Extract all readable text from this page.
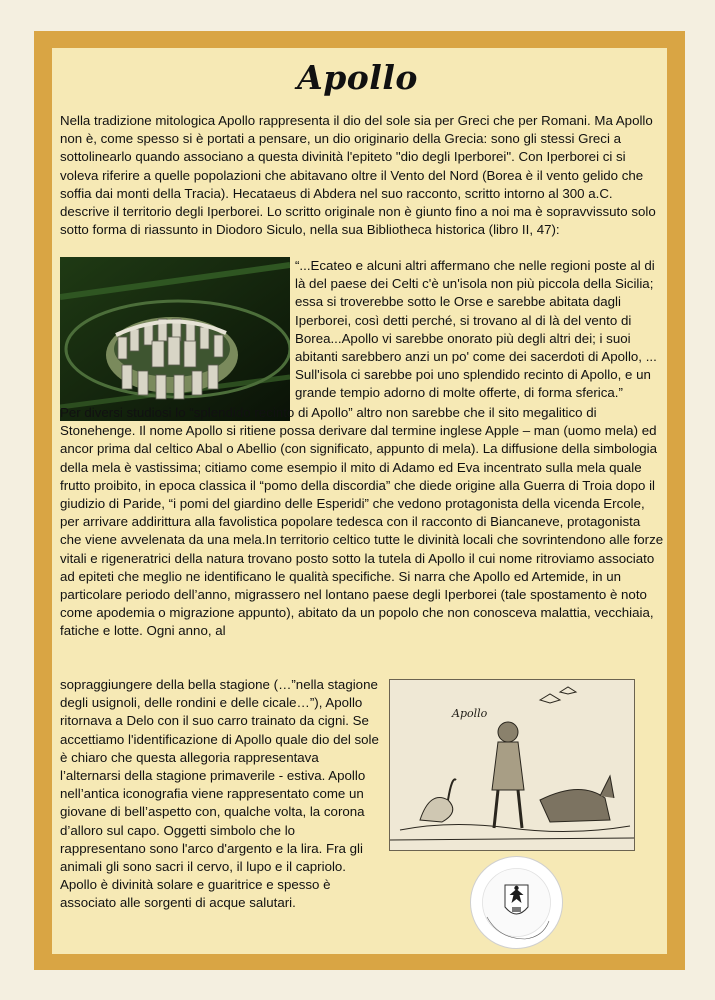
Apollo

Nella tradizione mitologica Apollo rappresenta il dio del sole sia per Greci che per Romani. Ma Apollo non è, come spesso si è portati a pensare, un dio originario della Grecia: sono gli stessi Greci a sottolinearlo quando associano a questa divinità l'epiteto "dio degli Iperborei". Con Iperborei ci si voleva riferire a quelle popolazioni che abitavano oltre il Vento del Nord (Borea è il vento gelido che soffia dai monti della Tracia). Hecataeus di Abdera nel suo racconto, scritto intorno al 300 a.C. descrive il territorio degli Iperborei. Lo scritto originale non è giunto fino a noi ma è sopravvissuto solo sotto forma di riassunto in Diodoro Siculo, nella sua Bibliotheca historica (libro II, 47):

“...Ecateo e alcuni altri affermano che nelle regioni poste al di là del paese dei Celti c'è un'isola non più piccola della Sicilia; essa si troverebbe sotto le Orse e sarebbe abitata dagli Iperborei, così detti perché, si trovano al di là del vento di Borea...Apollo vi sarebbe onorato più degli altri dei; i suoi abitanti sarebbero anzi un po' come dei sacerdoti di Apollo, ... Sull'isola ci sarebbe poi uno splendido recinto di Apollo, e un grande tempio adorno di molte offerte, di forma sferica.”

Per diversi studiosi lo “splendido recinto di Apollo” altro non sarebbe che il sito megalitico di Stonehenge. Il nome Apollo si ritiene possa derivare dal termine inglese Apple – man (uomo mela) ed ancor prima dal celtico Abal o Abellio (con significato, appunto di mela). La diffusione della simbologia della mela è vastissima; citiamo come esempio il mito di Adamo ed Eva incentrato sulla mela quale frutto proibito, in epoca classica il “pomo della discordia” che diede origine alla Guerra di Troia dopo il giudizio di Paride, “i pomi del giardino delle Esperidi” che vedono protagonista della vicenda Ercole, per arrivare addirittura alla favolistica popolare tedesca con il racconto di Biancaneve, protagonista che viene avvelenata da una mela.In territorio celtico tutte le divinità locali che sovrintendono alle forze vitali e rigeneratrici della natura trovano posto sotto la tutela di Apollo il cui nome ritroviamo associato ad epiteti che meglio ne identificano le qualità specifiche. Si narra che Apollo ed Artemide, in un particolare periodo dell’anno, migrassero nel lontano paese degli Iperborei (tale spostamento è noto come apodemia o migrazione appunto), abitato da un popolo che non conosceva malattia, vecchiaia, fatiche e lotte. Ogni anno, al

sopraggiungere della bella stagione (…”nella stagione degli usignoli, delle rondini e delle cicale…”), Apollo ritornava a Delo con il suo carro trainato da cigni. Se accettiamo l'identificazione di Apollo quale dio del sole è chiaro che questa allegoria rappresentava l’alternarsi della stagione primaverile - estiva. Apollo nell’antica iconografia viene rappresentato come un giovane di bell’aspetto con, qualche volta, la corona d’alloro sul capo. Oggetti simbolo che lo rappresentano sono l'arco d'argento e la lira. Fra gli animali gli sono sacri il cervo, il lupo e il capriolo. Apollo è divinità solare e guaritrice e spesso è associato alle sorgenti di acque salutari.

Apollo
